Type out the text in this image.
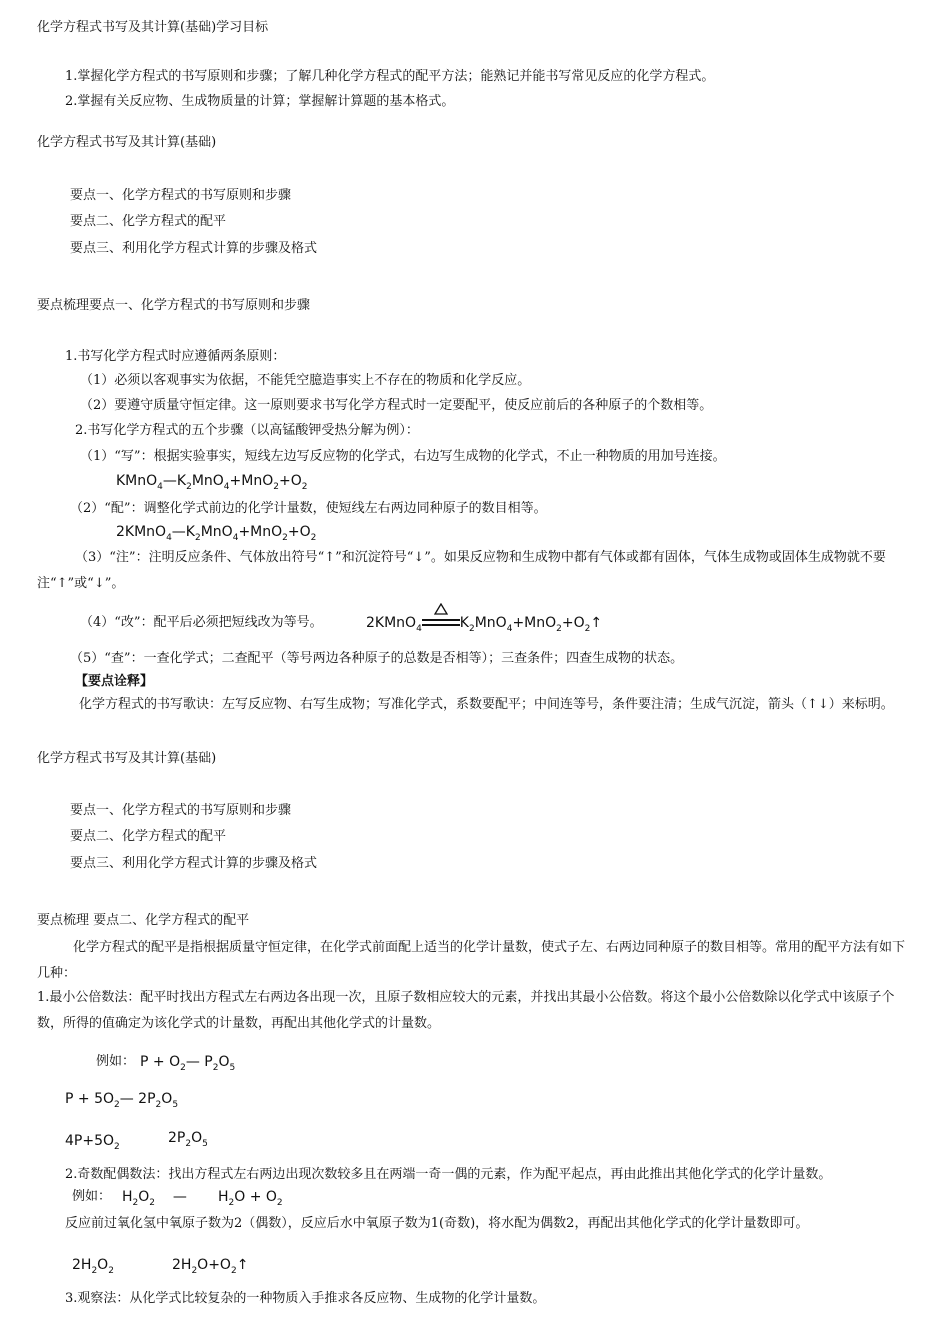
化学方程式书写及其计算(基础)学习目标
1.掌握化学方程式的书写原则和步骤；了解几种化学方程式的配平方法；能熟记并能书写常见反应的化学方程式。
2.掌握有关反应物、生成物质量的计算；掌握解计算题的基本格式。
化学方程式书写及其计算(基础)
要点一、化学方程式的书写原则和步骤
要点二、化学方程式的配平
要点三、利用化学方程式计算的步骤及格式
要点梳理要点一、化学方程式的书写原则和步骤
1.书写化学方程式时应遵循两条原则：
（1）必须以客观事实为依据，不能凭空臆造事实上不存在的物质和化学反应。
（2）要遵守质量守恒定律。这一原则要求书写化学方程式时一定要配平，使反应前后的各种原子的个数相等。
2.书写化学方程式的五个步骤（以高锰酸钾受热分解为例）：
（1）“写”：根据实验事实，短线左边写反应物的化学式，右边写生成物的化学式，不止一种物质的用加号连接。
$KMnO_4—K_2MnO_4+MnO_2+O_2$
（2）“配”：调整化学式前边的化学计量数，使短线左右两边同种原子的数目相等。
$2KMnO_4—K_2MnO_4+MnO_2+O_2$
（3）“注”：注明反应条件、气体放出符号“↑”和沉淀符号“↓”。如果反应物和生成物中都有气体或都有固体，气体生成物或固体生成物就不要注“↑”或“↓”。
（4）“改”：配平后必须把短线改为等号。	2KMnO$_4$	$K_2MnO_4+MnO_2+O_2↑$
（5）“查”：一查化学式；二查配平（等号两边各种原子的总数是否相等）；三查条件；四查生成物的状态。
【要点诠释】
化学方程式的书写歌诀：左写反应物、右写生成物；写准化学式，系数要配平；中间连等号，条件要注清；生成气沉淀，箭头（↑↓）来标明。
化学方程式书写及其计算(基础)
要点一、化学方程式的书写原则和步骤
要点二、化学方程式的配平
要点三、利用化学方程式计算的步骤及格式
要点梳理 要点二、化学方程式的配平
化学方程式的配平是指根据质量守恒定律，在化学式前面配上适当的化学计量数，使式子左、右两边同种原子的数目相等。常用的配平方法有如下几种：
1.最小公倍数法：配平时找出方程式左右两边各出现一次，且原子数相应较大的元素，并找出其最小公倍数。将这个最小公倍数除以化学式中该原子个数，所得的值确定为该化学式的计量数，再配出其他化学式的计量数。
例如： $P + O_2—$ $P_2O_5$
$P + 5O_2—$ $2P_2O_5$
$4P+5O_2$
$2P_2O_5$
2.奇数配偶数法：找出方程式左右两边出现次数较多且在两端一奇一偶的元素，作为配平起点，再由此推出其他化学式的化学计量数。
例如： $H_2O_2$    —       $H_2O + O_2$
反应前过氧化氢中氧原子数为2（偶数），反应后水中氧原子数为1(奇数)，将水配为偶数2，再配出其他化学式的化学计量数即可。
$2H_2O_2$	$2H_2O+O_2↑$
3.观察法：从化学式比较复杂的一种物质入手推求各反应物、生成物的化学计量数。
